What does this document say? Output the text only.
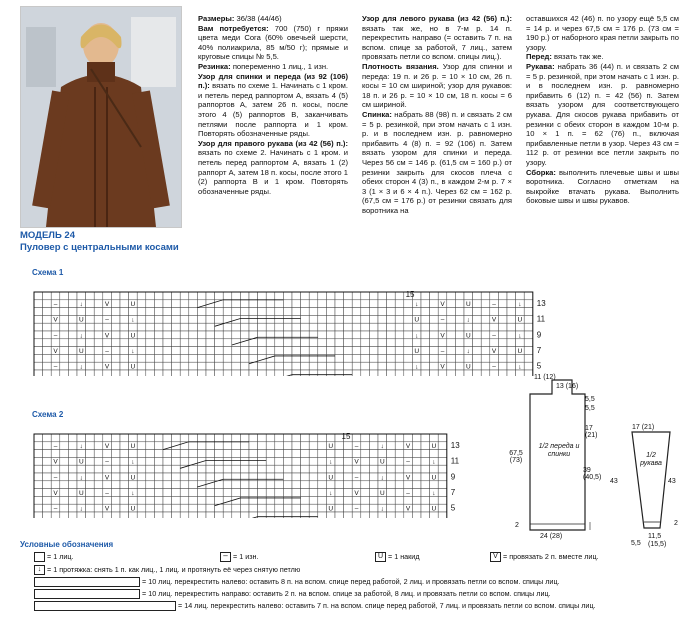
МОДЕЛЬ 24
Пуловер с центральными косами

Размеры: 36/38 (44/46)

Вам потребуется: 700 (750) г пряжи цвета меди Cora (60% овечьей шерсти, 40% полиакрила, 85 м/50 г); прямые и круговые спицы № 5,5.

Резинка: попеременно 1 лиц., 1 изн.

Узор для спинки и переда (из 92 (106) п.): вязать по схеме 1. Начинать с 1 кром. и петель перед раппортом А, вязать 4 (5) раппортов А, затем 26 п. косы, после этого 4 (5) раппортов В, заканчивать петлями после раппорта и 1 кром. Повторять обозначенные ряды.

Узор для правого рукава (из 42 (56) п.): вязать по схеме 2. Начинать с 1 кром. и петель перед раппортом А, вязать 1 (2) раппорт А, затем 18 п. косы, после этого 1 (2) раппорта В и 1 кром. Повторять обозначенные ряды.

Узор для левого рукава (из 42 (56) п.): вязать так же, но в 7-м р. 14 п. перекрестить направо (= оставить 7 п. на вспом. спице за работой, 7 лиц., затем провязать петли со вспом. спицы лиц.).

Плотность вязания. Узор для спинки и переда: 19 п. и 26 р. = 10 × 10 см, 26 п. косы = 10 см шириной; узор для рукавов: 18 п. и 26 р. = 10 × 10 см, 18 п. косы = 6 см шириной.

Спинка: набрать 88 (98) п. и связать 2 см = 5 р. резинкой, при этом начать с 1 изн. р. и в последнем изн. р. равномерно прибавить 4 (8) п. = 92 (106) п. Затем вязать узором для спинки и переда. Через 56 см = 146 р. (61,5 см = 160 р.) от резинки закрыть для скосов плеча с обеих сторон 4 (3) п., в каждом 2-м р. 7 × 3 (1 × 3 и 6 × 4 п.). Через 62 см = 162 р. (67,5 см = 176 р.) от резинки связать для воротника на

оставшихся 42 (46) п. по узору ещё 5,5 см = 14 р. и через 67,5 см = 176 р. (73 см = 190 р.) от наборного края петли закрыть по узору.

Перед: вязать так же.

Рукава: набрать 36 (44) п. и связать 2 см = 5 р. резинкой, при этом начать с 1 изн. р. и в последнем изн. р. равномерно прибавить 6 (12) п. = 42 (56) п. Затем вязать узором для соответствующего рукава. Для скосов рукава прибавить от резинки с обеих сторон в каждом 10-м р. 10 × 1 п. = 62 (76) п., включая прибавленные петли в узор. Через 43 см = 112 р. от резинки все петли закрыть по узору.

Сборка: выполнить плечевые швы и швы воротника. Согласно отметкам на выкройке втачать рукава. Выполнить боковые швы и швы рукавов.

Схема 1
13
11
9
7
5
15
–	↓	V	U	↓	V	U	–	↓
V	U	–	↓	U	–	↓	V	U
–	↓	V	U	↓	V	U	–	↓
V	U	–	↓	U	–	↓	V	U
–	↓	V	U	↓	V	U	–	↓
Схема 2
13
11
9
7
5
15
–	↓	V	U	U	–	↓	V	U
V	U	–	↓	↓	V	U	–	↓
–	↓	V	U	U	–	↓	V	U
V	U	–	↓	↓	V	U	–	↓
–	↓	V	U	U	–	↓	V	U
11 (12)
13 (16)
5,5
5,5
17 (21)
67,5 (73)
1/2 переда и спинки
39 (40,5)
24 (28)
2
17 (21)
1/2 рукава
43	43
11,5 (15,5)
5,5
2
Условные обозначения
= 1 лиц.	– = 1 изн.	U = 1 накид	V = провязать 2 п. вместе лиц.
↓ = 1 протяжка: снять 1 п. как лиц., 1 лиц. и протянуть её через снятую петлю
= 10 лиц. перекрестить налево: оставить 8 п. на вспом. спице перед работой, 2 лиц. и провязать петли со вспом. спицы лиц.
= 10 лиц. перекрестить направо: оставить 2 п. на вспом. спице за работой, 8 лиц. и провязать петли со вспом. спицы лиц.
= 14 лиц. перекрестить налево: оставить 7 п. на вспом. спице перед работой, 7 лиц. и провязать петли со вспом. спицы лиц.
